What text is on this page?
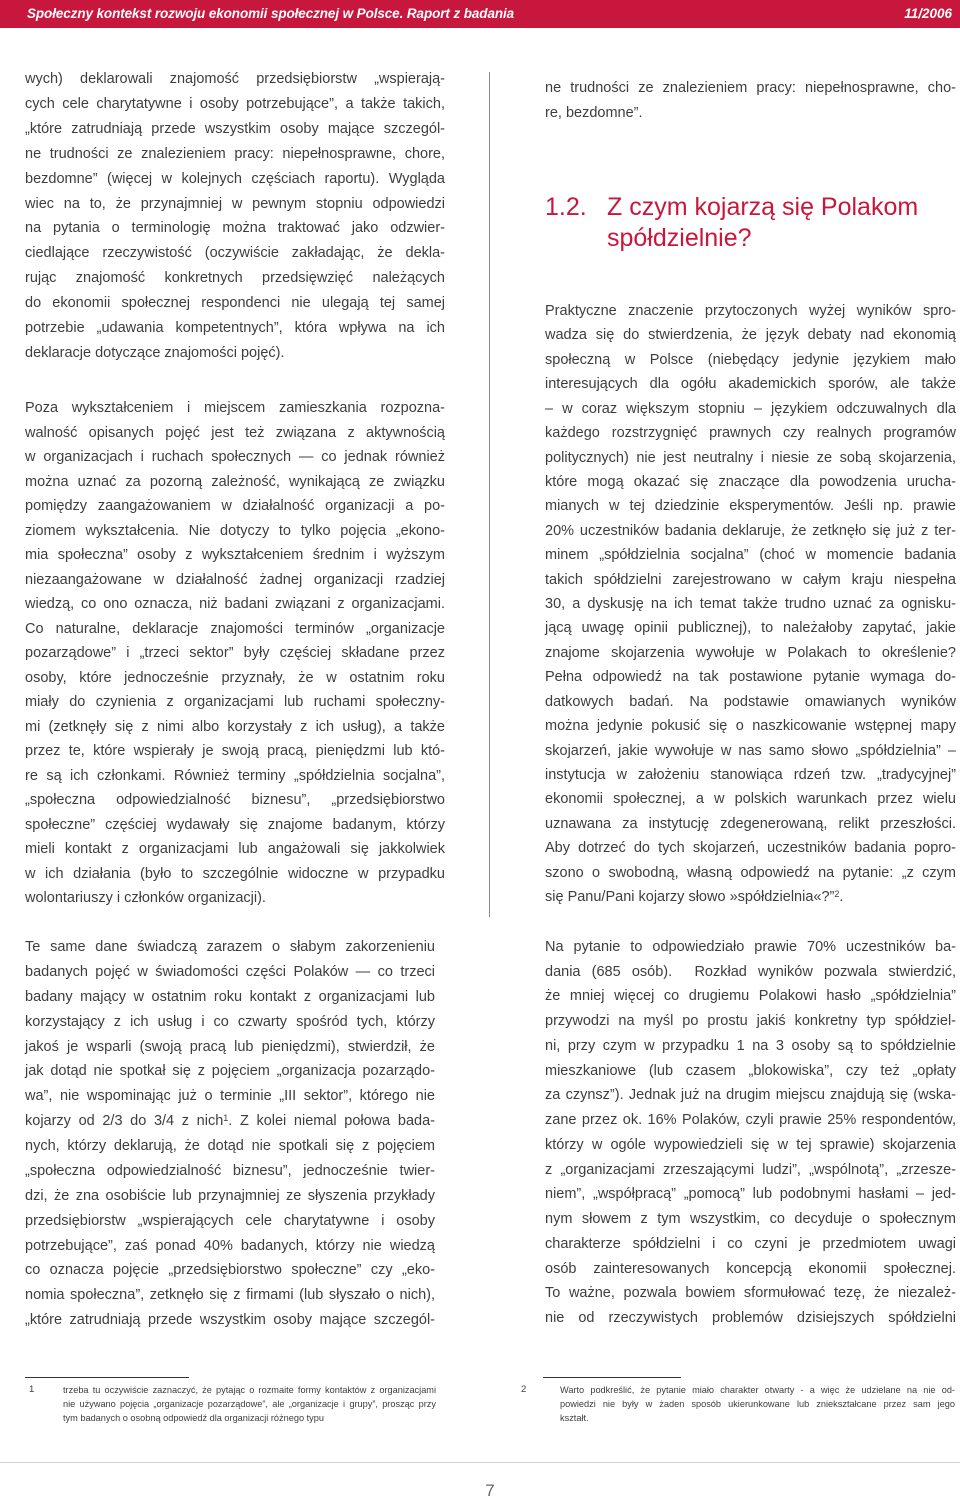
Społeczny kontekst rozwoju ekonomii społecznej w Polsce. Raport z badania	11/2006
wych) deklarowali znajomość przedsiębiorstw „wspierają-
cych cele charytatywne i osoby potrzebujące”, a także takich,
„które zatrudniają przede wszystkim osoby mające szczegól-
ne trudności ze znalezieniem pracy: niepełnosprawne, chore,
bezdomne” (więcej w kolejnych częściach raportu). Wygląda
wiec na to, że przynajmniej w pewnym stopniu odpowiedzi
na pytania o terminologię można traktować jako odzwier-
ciedlające rzeczywistość (oczywiście zakładając, że dekla-
rując znajomość konkretnych przedsięwzięć należących
do ekonomii społecznej respondenci nie ulegają tej samej
potrzebie „udawania kompetentnych”, która wpływa na ich
deklaracje dotyczące znajomości pojęć).
Poza wykształceniem i miejscem zamieszkania rozpozna-
walność opisanych pojęć jest też związana z aktywnością
w organizacjach i ruchach społecznych — co jednak również
można uznać za pozorną zależność, wynikającą ze związku
pomiędzy zaangażowaniem w działalność organizacji a po-
ziomem wykształcenia. Nie dotyczy to tylko pojęcia „ekono-
mia społeczna” osoby z wykształceniem średnim i wyższym
niezaangażowane w działalność żadnej organizacji rzadziej
wiedzą, co ono oznacza, niż badani związani z organizacjami.
Co naturalne, deklaracje znajomości terminów „organizacje
pozarządowe” i „trzeci sektor” były częściej składane przez
osoby, które jednocześnie przyznały, że w ostatnim roku
miały do czynienia z organizacjami lub ruchami społeczny-
mi (zetknęły się z nimi albo korzystały z ich usług), a także
przez te, które wspierały je swoją pracą, pieniędzmi lub któ-
re są ich członkami. Również terminy „spółdzielnia socjalna”,
„społeczna odpowiedzialność biznesu”, „przedsiębiorstwo
społeczne” częściej wydawały się znajome badanym, którzy
mieli kontakt z organizacjami lub angażowali się jakkolwiek
w ich działania (było to szczególnie widoczne w przypadku
wolontariuszy i członków organizacji).
Te same dane świadczą zarazem o słabym zakorzenieniu
badanych pojęć w świadomości części Polaków — co trzeci
badany mający w ostatnim roku kontakt z organizacjami lub
korzystający z ich usług i co czwarty spośród tych, którzy
jakoś je wsparli (swoją pracą lub pieniędzmi), stwierdził, że
jak dotąd nie spotkał się z pojęciem „organizacja pozarządo-
wa”, nie wspominając już o terminie „III sektor”, którego nie
kojarzy od 2/3 do 3/4 z nich$^1$. Z kolei niemal połowa bada-
nych, którzy deklarują, że dotąd nie spotkali się z pojęciem
„społeczna odpowiedzialność biznesu”, jednocześnie twier-
dzi, że zna osobiście lub przynajmniej ze słyszenia przykłady
przedsiębiorstw „wspierających cele charytatywne i osoby
potrzebujące”, zaś ponad 40% badanych, którzy nie wiedzą
co oznacza pojęcie „przedsiębiorstwo społeczne” czy „eko-
nomia społeczna”, zetknęło się z firmami (lub słyszało o nich),
„które zatrudniają przede wszystkim osoby mające szczegól-
ne trudności ze znalezieniem pracy: niepełnosprawne, cho-
re, bezdomne”.
1.2. Z czym kojarzą się Polakom
spółdzielnie?
Praktyczne znaczenie przytoczonych wyżej wyników spro-
wadza się do stwierdzenia, że język debaty nad ekonomią
społeczną w Polsce (niebędący jedynie językiem mało
interesujących dla ogółu akademickich sporów, ale także
– w coraz większym stopniu – językiem odczuwalnych dla
każdego rozstrzygnięć prawnych czy realnych programów
politycznych) nie jest neutralny i niesie ze sobą skojarzenia,
które mogą okazać się znaczące dla powodzenia urucha-
mianych w tej dziedzinie eksperymentów. Jeśli np. prawie
20% uczestników badania deklaruje, że zetknęło się już z ter-
minem „spółdzielnia socjalna” (choć w momencie badania
takich spółdzielni zarejestrowano w całym kraju niespełna
30, a dyskusję na ich temat także trudno uznać za ognisku-
jącą uwagę opinii publicznej), to należałoby zapytać, jakie
znajome skojarzenia wywołuje w Polakach to określenie?
Pełna odpowiedź na tak postawione pytanie wymaga do-
datkowych badań. Na podstawie omawianych wyników
można jedynie pokusić się o naszkicowanie wstępnej mapy
skojarzeń, jakie wywołuje w nas samo słowo „spółdzielnia” –
instytucja w założeniu stanowiąca rdzeń tzw. „tradycyjnej”
ekonomii społecznej, a w polskich warunkach przez wielu
uznawana za instytucję zdegenerowaną, relikt przeszłości.
Aby dotrzeć do tych skojarzeń, uczestników badania popro-
szono o swobodną, własną odpowiedź na pytanie: „z czym
się Panu/Pani kojarzy słowo »spółdzielnia«?”$^2$.
Na pytanie to odpowiedziało prawie 70% uczestników ba-
dania (685 osób).  Rozkład wyników pozwala stwierdzić,
że mniej więcej co drugiemu Polakowi hasło „spółdzielnia”
przywodzi na myśl po prostu jakiś konkretny typ spółdziel-
ni, przy czym w przypadku 1 na 3 osoby są to spółdzielnie
mieszkaniowe (lub czasem „blokowiska”, czy też „opłaty
za czynsz”). Jednak już na drugim miejscu znajdują się (wska-
zane przez ok. 16% Polaków, czyli prawie 25% respondentów,
którzy w ogóle wypowiedzieli się w tej sprawie) skojarzenia
z „organizacjami zrzeszającymi ludzi”, „wspólnotą”, „zrzesze-
niem”, „współpracą” „pomocą” lub podobnymi hasłami – jed-
nym słowem z tym wszystkim, co decyduje o społecznym
charakterze spółdzielni i co czyni je przedmiotem uwagi
osób zainteresowanych koncepcją ekonomii społecznej.
To ważne, pozwala bowiem sformułować tezę, że niezależ-
nie od rzeczywistych problemów dzisiejszych spółdzielni
1	trzeba tu oczywiście zaznaczyć, że pytając o rozmaite formy kontaktów z organizacjami
nie używano pojęcia „organizacje pozarządowe”, ale „organizacje i grupy”, prosząc przy
tym badanych o osobną odpowiedź dla organizacji różnego typu
2	Warto podkreślić, że pytanie miało charakter otwarty - a więc że udzielane na nie od-
powiedzi nie były w żaden sposób ukierunkowane lub zniekształcane przez sam jego
kształt.
7
